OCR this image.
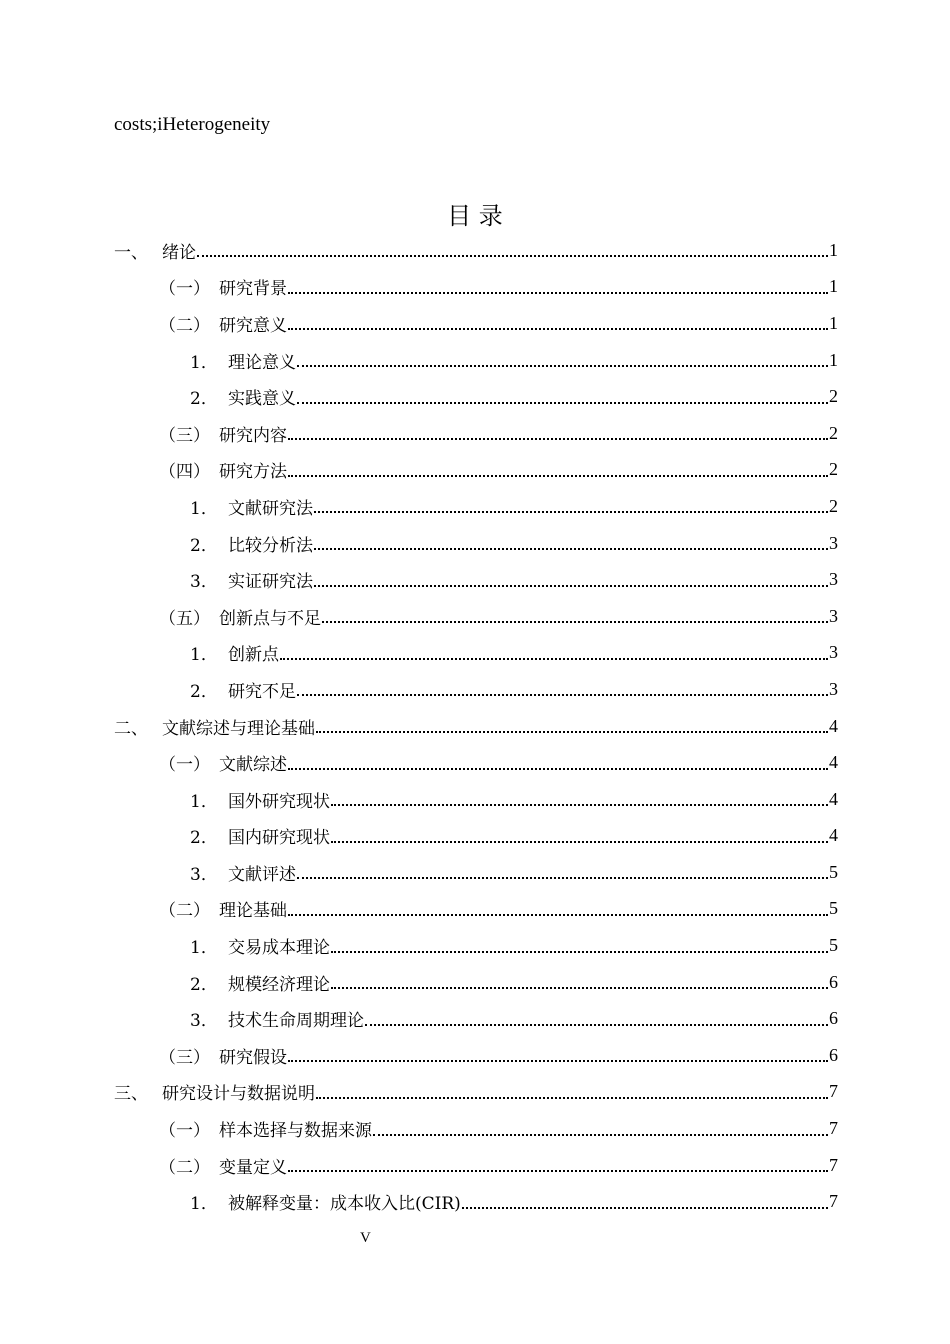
costs;iHeterogeneity
目 录
一、 绪论	1
（一） 研究背景	1
（二） 研究意义	1
1． 理论意义	1
2． 实践意义	2
（三） 研究内容	2
（四） 研究方法	2
1． 文献研究法	2
2． 比较分析法	3
3． 实证研究法	3
（五） 创新点与不足	3
1． 创新点	3
2． 研究不足	3
二、 文献综述与理论基础	4
（一） 文献综述	4
1． 国外研究现状	4
2． 国内研究现状	4
3． 文献评述	5
（二） 理论基础	5
1． 交易成本理论	5
2． 规模经济理论	6
3． 技术生命周期理论	6
（三） 研究假设	6
三、 研究设计与数据说明	7
（一） 样本选择与数据来源	7
（二） 变量定义	7
1． 被解释变量：成本收入比(CIR)	7
V
